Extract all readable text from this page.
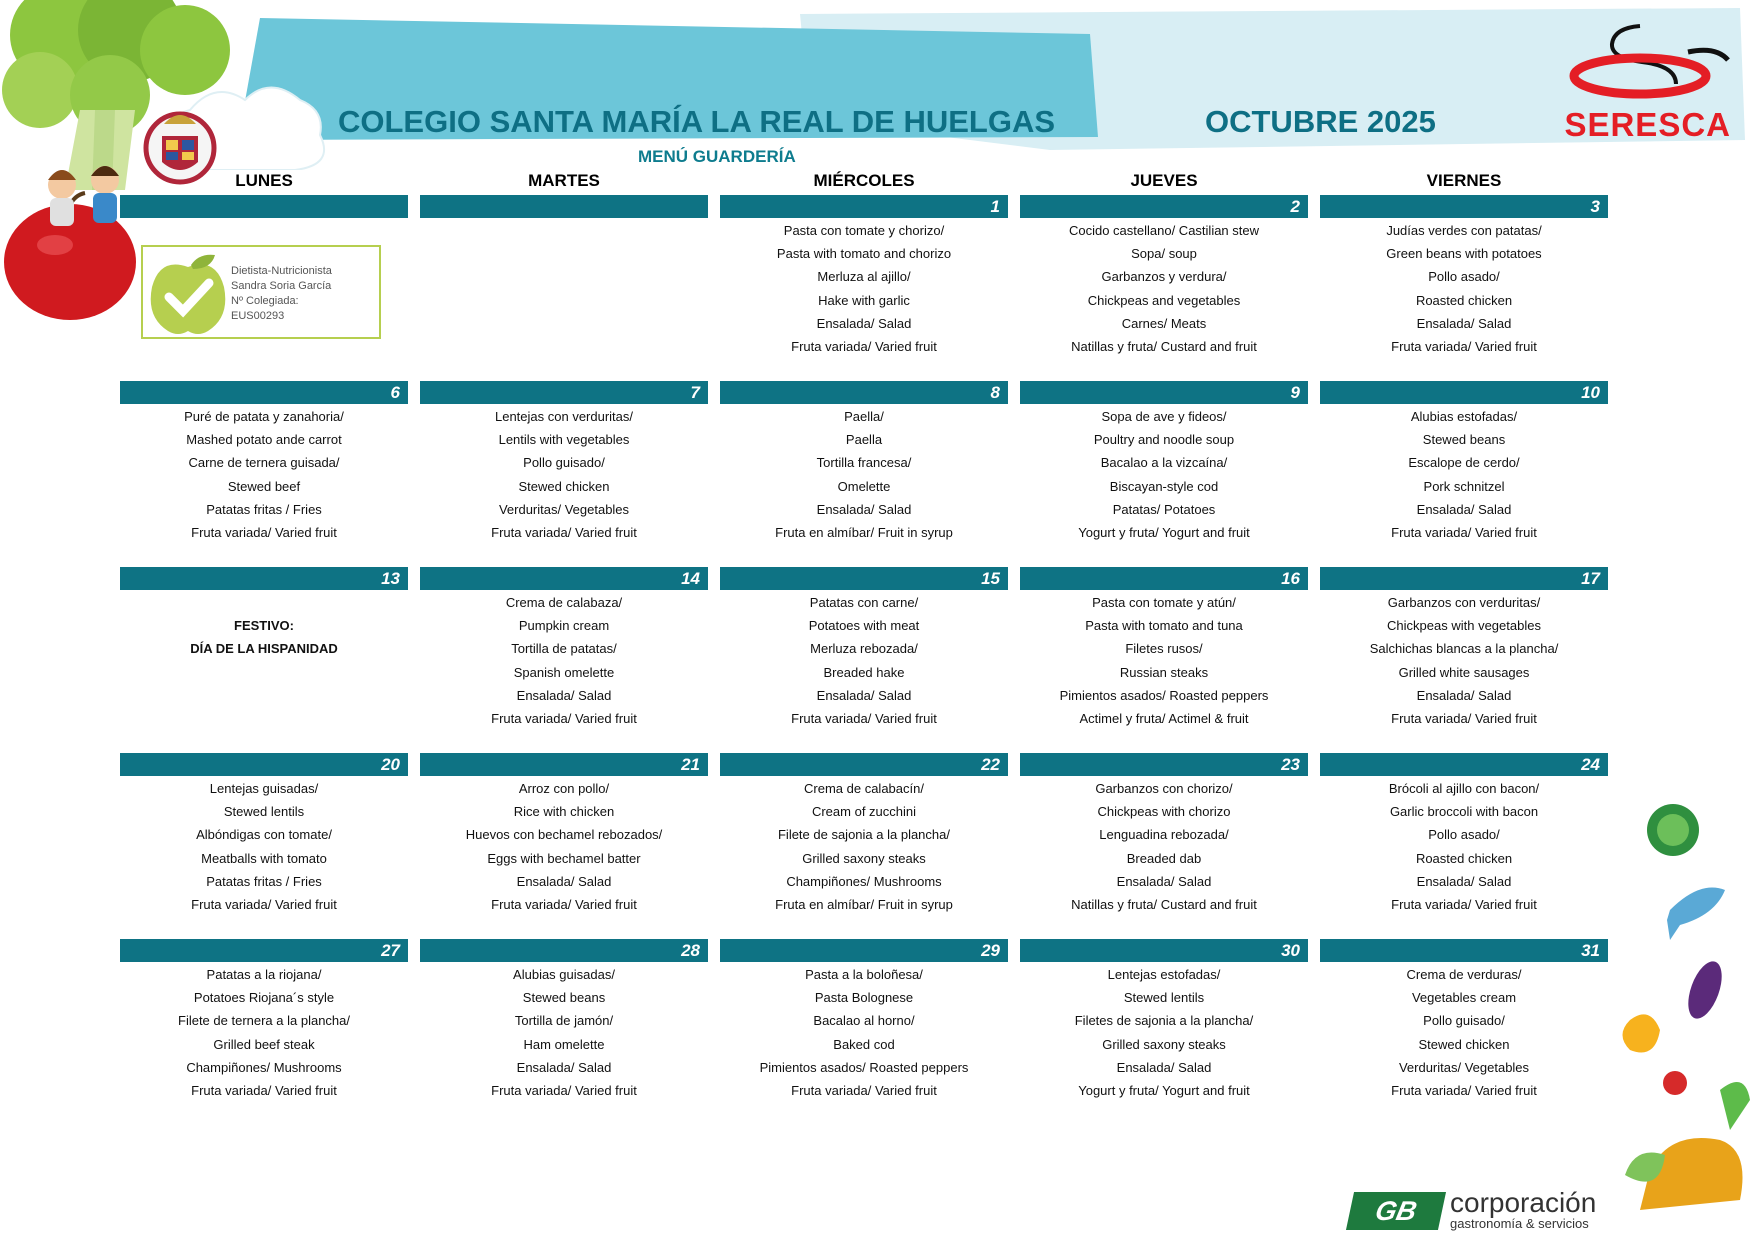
Dietista-Nutricionista
Sandra Soria García
Nº Colegiada:
EUS00293
COLEGIO SANTA MARÍA LA REAL DE HUELGAS	OCTUBRE 2025
MENÚ GUARDERÍA
SERESCA
LUNES	MARTES	MIÉRCOLES	JUEVES	VIERNES
1
Pasta con tomate y chorizo/
Pasta with tomato and chorizo
Merluza al ajillo/
Hake with garlic
Ensalada/ Salad
Fruta variada/ Varied fruit
2
Cocido castellano/ Castilian stew
Sopa/ soup
Garbanzos y verdura/
Chickpeas and vegetables
Carnes/ Meats
Natillas y fruta/ Custard and fruit
3
Judías verdes con patatas/
Green beans with potatoes
Pollo asado/
Roasted chicken
Ensalada/ Salad
Fruta variada/ Varied fruit
6
Puré de patata y zanahoria/
Mashed potato ande carrot
Carne de ternera guisada/
Stewed beef
Patatas fritas / Fries
Fruta variada/ Varied fruit
7
Lentejas con verduritas/
Lentils with vegetables
Pollo guisado/
Stewed chicken
Verduritas/ Vegetables
Fruta variada/ Varied fruit
8
Paella/
Paella
Tortilla francesa/
Omelette
Ensalada/ Salad
Fruta en almíbar/ Fruit in syrup
9
Sopa de ave y fideos/
Poultry and noodle soup
Bacalao a la vizcaína/
Biscayan-style cod
Patatas/ Potatoes
Yogurt y fruta/ Yogurt and fruit
10
Alubias estofadas/
Stewed beans
Escalope de cerdo/
Pork schnitzel
Ensalada/ Salad
Fruta variada/ Varied fruit
13
FESTIVO:
DÍA DE LA HISPANIDAD
14
Crema de calabaza/
Pumpkin cream
Tortilla de patatas/
Spanish omelette
Ensalada/ Salad
Fruta variada/ Varied fruit
15
Patatas con carne/
Potatoes with meat
Merluza rebozada/
Breaded hake
Ensalada/ Salad
Fruta variada/ Varied fruit
16
Pasta con tomate y atún/
Pasta with tomato and tuna
Filetes rusos/
Russian steaks
Pimientos asados/ Roasted peppers
Actimel y fruta/ Actimel & fruit
17
Garbanzos con verduritas/
Chickpeas with vegetables
Salchichas blancas a la plancha/
Grilled white sausages
Ensalada/ Salad
Fruta variada/ Varied fruit
20
Lentejas guisadas/
Stewed lentils
Albóndigas con tomate/
Meatballs with tomato
Patatas fritas / Fries
Fruta variada/ Varied fruit
21
Arroz con pollo/
Rice with chicken
Huevos con bechamel rebozados/
Eggs with bechamel batter
Ensalada/ Salad
Fruta variada/ Varied fruit
22
Crema de calabacín/
Cream of zucchini
Filete de sajonia a la plancha/
Grilled saxony steaks
Champiñones/ Mushrooms
Fruta en almíbar/ Fruit in syrup
23
Garbanzos con chorizo/
Chickpeas with chorizo
Lenguadina rebozada/
Breaded dab
Ensalada/ Salad
Natillas y fruta/ Custard and fruit
24
Brócoli al ajillo con bacon/
Garlic broccoli with bacon
Pollo asado/
Roasted chicken
Ensalada/ Salad
Fruta variada/ Varied fruit
27
Patatas a la riojana/
Potatoes Riojana´s style
Filete de ternera a la plancha/
Grilled beef steak
Champiñones/ Mushrooms
Fruta variada/ Varied fruit
28
Alubias guisadas/
Stewed beans
Tortilla de jamón/
Ham omelette
Ensalada/ Salad
Fruta variada/ Varied fruit
29
Pasta a la boloñesa/
Pasta Bolognese
Bacalao al horno/
Baked cod
Pimientos asados/ Roasted peppers
Fruta variada/ Varied fruit
30
Lentejas estofadas/
Stewed lentils
Filetes de sajonia a la plancha/
Grilled saxony steaks
Ensalada/ Salad
Yogurt y fruta/ Yogurt and fruit
31
Crema de verduras/
Vegetables cream
Pollo guisado/
Stewed chicken
Verduritas/ Vegetables
Fruta variada/ Varied fruit
GB	corporación
gastronomía & servicios
